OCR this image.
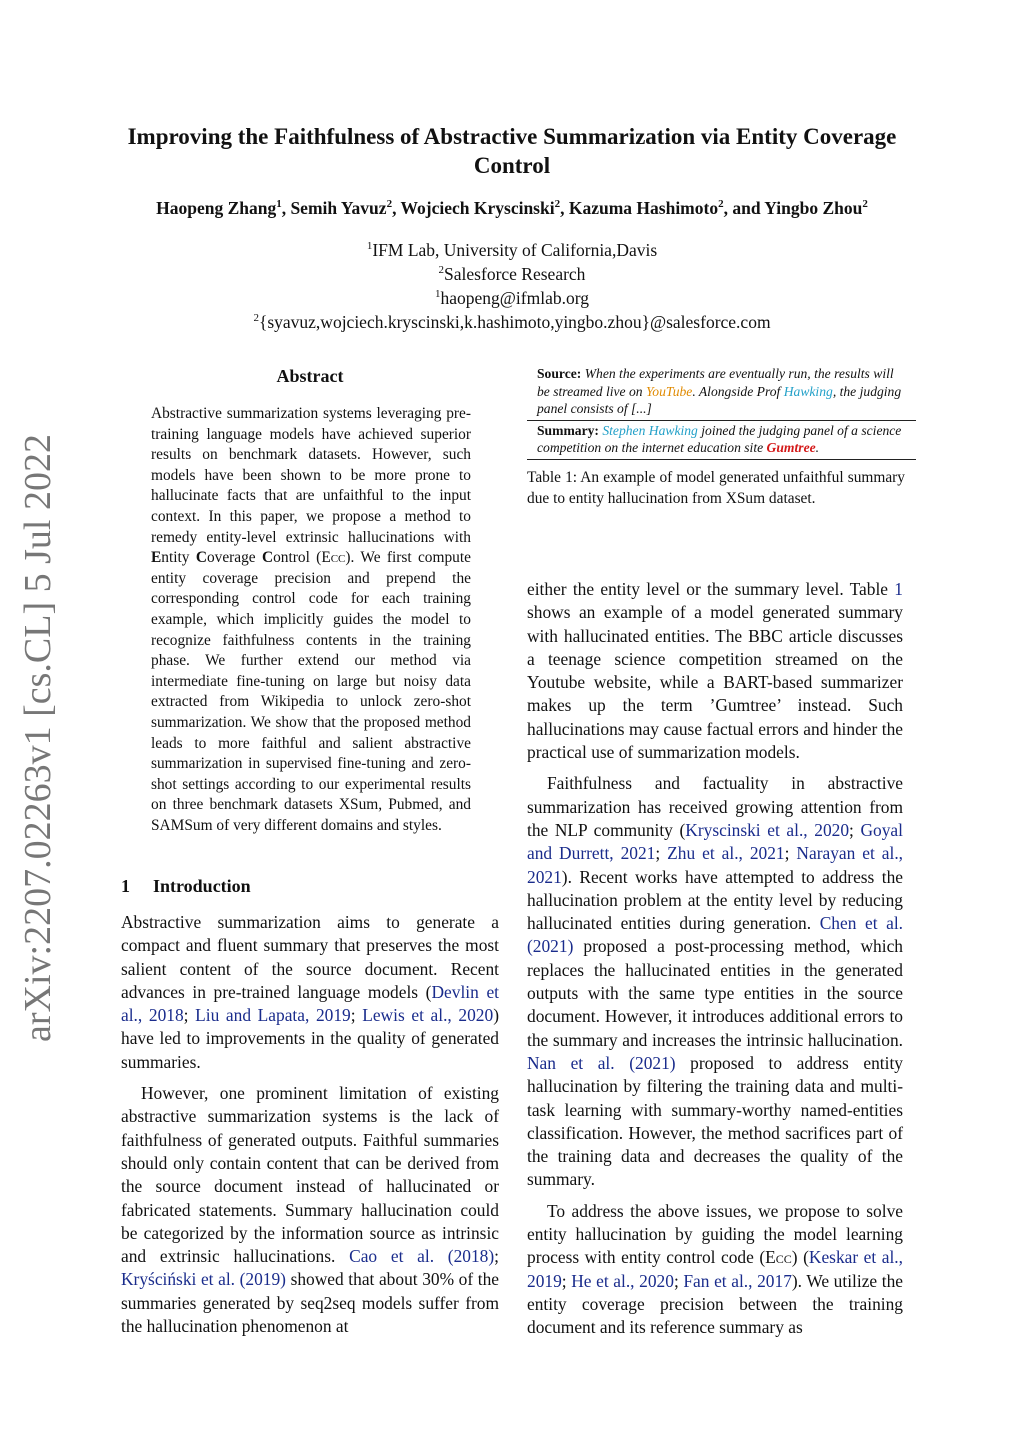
arXiv:2207.02263v1 [cs.CL] 5 Jul 2022
Improving the Faithfulness of Abstractive Summarization via Entity Coverage Control
Haopeng Zhang$^1$, Semih Yavuz$^2$, Wojciech Kryscinski$^2$, Kazuma Hashimoto$^2$, and Yingbo Zhou$^2$
$^1$IFM Lab, University of California,Davis
$^2$Salesforce Research
$^1$haopeng@ifmlab.org
$^2${syavuz,wojciech.kryscinski,k.hashimoto,yingbo.zhou}@salesforce.com
Abstract
Abstractive summarization systems leveraging pre-training language models have achieved superior results on benchmark datasets. However, such models have been shown to be more prone to hallucinate facts that are unfaithful to the input context. In this paper, we propose a method to remedy entity-level extrinsic hallucinations with Entity Coverage Control (Ecc). We first compute entity coverage precision and prepend the corresponding control code for each training example, which implicitly guides the model to recognize faithfulness contents in the training phase. We further extend our method via intermediate fine-tuning on large but noisy data extracted from Wikipedia to unlock zero-shot summarization. We show that the proposed method leads to more faithful and salient abstractive summarization in supervised fine-tuning and zero-shot settings according to our experimental results on three benchmark datasets XSum, Pubmed, and SAMSum of very different domains and styles.
1 Introduction

Abstractive summarization aims to generate a compact and fluent summary that preserves the most salient content of the source document. Recent advances in pre-trained language models (Devlin et al., 2018; Liu and Lapata, 2019; Lewis et al., 2020) have led to improvements in the quality of generated summaries.

However, one prominent limitation of existing abstractive summarization systems is the lack of faithfulness of generated outputs. Faithful summaries should only contain content that can be derived from the source document instead of hallucinated or fabricated statements. Summary hallucination could be categorized by the information source as intrinsic and extrinsic hallucinations. Cao et al. (2018); Kryściński et al. (2019) showed that about 30% of the summaries generated by seq2seq models suffer from the hallucination phenomenon at

Source: When the experiments are eventually run, the results will be streamed live on YouTube. Alongside Prof Hawking, the judging panel consists of [...]
Summary: Stephen Hawking joined the judging panel of a science competition on the internet education site Gumtree.
Table 1: An example of model generated unfaithful summary due to entity hallucination from XSum dataset.

either the entity level or the summary level. Table 1 shows an example of a model generated summary with hallucinated entities. The BBC article discusses a teenage science competition streamed on the Youtube website, while a BART-based summarizer makes up the term ’Gumtree’ instead. Such hallucinations may cause factual errors and hinder the practical use of summarization models.

Faithfulness and factuality in abstractive summarization has received growing attention from the NLP community (Kryscinski et al., 2020; Goyal and Durrett, 2021; Zhu et al., 2021; Narayan et al., 2021). Recent works have attempted to address the hallucination problem at the entity level by reducing hallucinated entities during generation. Chen et al. (2021) proposed a post-processing method, which replaces the hallucinated entities in the generated outputs with the same type entities in the source document. However, it introduces additional errors to the summary and increases the intrinsic hallucination. Nan et al. (2021) proposed to address entity hallucination by filtering the training data and multi-task learning with summary-worthy named-entities classification. However, the method sacrifices part of the training data and decreases the quality of the summary.

To address the above issues, we propose to solve entity hallucination by guiding the model learning process with entity control code (Ecc) (Keskar et al., 2019; He et al., 2020; Fan et al., 2017). We utilize the entity coverage precision between the training document and its reference summary as
